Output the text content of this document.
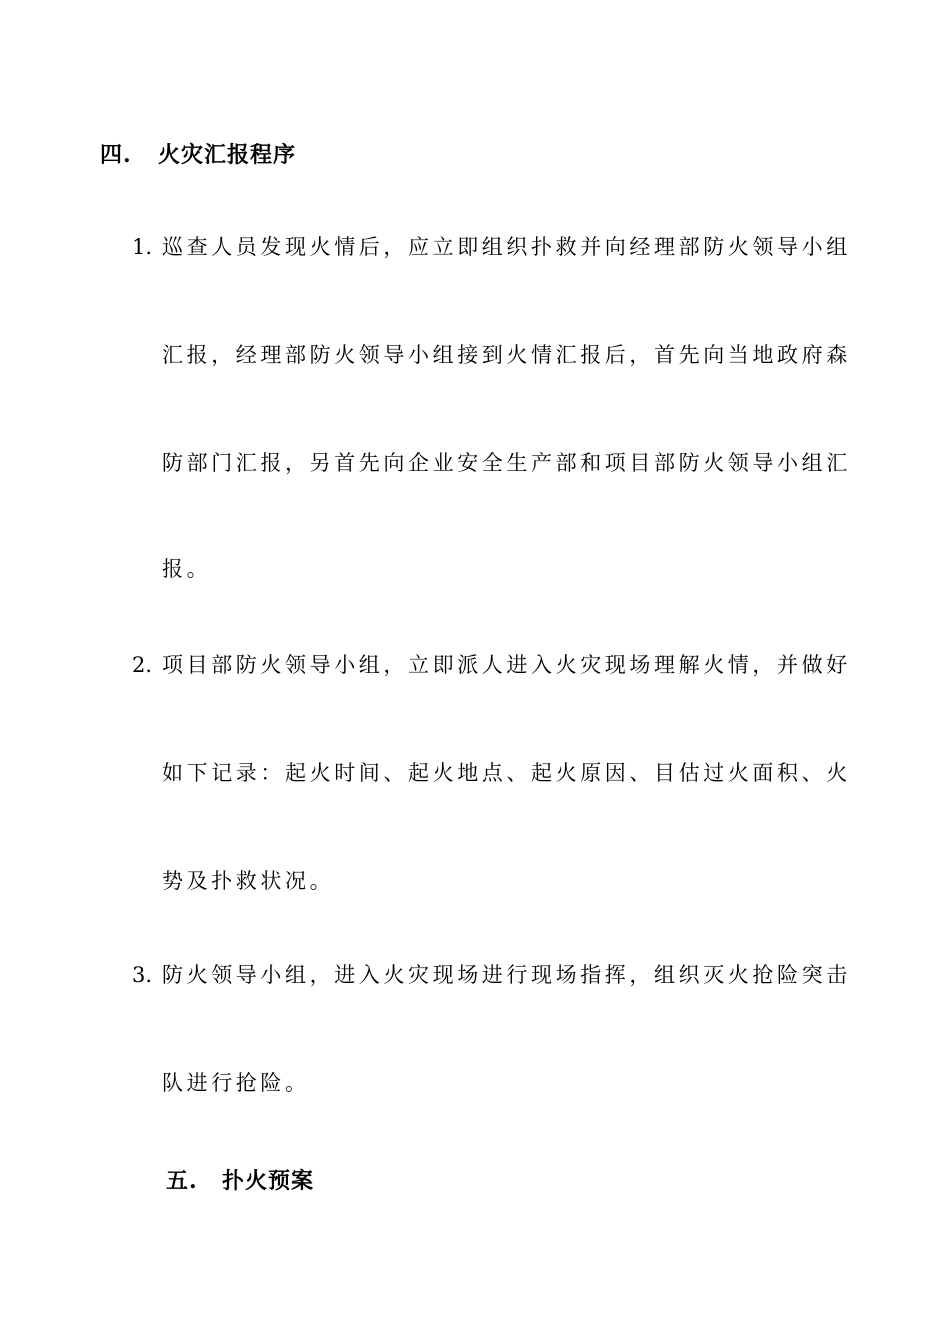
四. 火灾汇报程序
1. 巡查人员发现火情后，应立即组织扑救并向经理部防火领导小组
汇报，经理部防火领导小组接到火情汇报后，首先向当地政府森
防部门汇报，另首先向企业安全生产部和项目部防火领导小组汇
报。
2. 项目部防火领导小组，立即派人进入火灾现场理解火情，并做好
如下记录：起火时间、起火地点、起火原因、目估过火面积、火
势及扑救状况。
3. 防火领导小组，进入火灾现场进行现场指挥，组织灭火抢险突击
队进行抢险。
五. 扑火预案
